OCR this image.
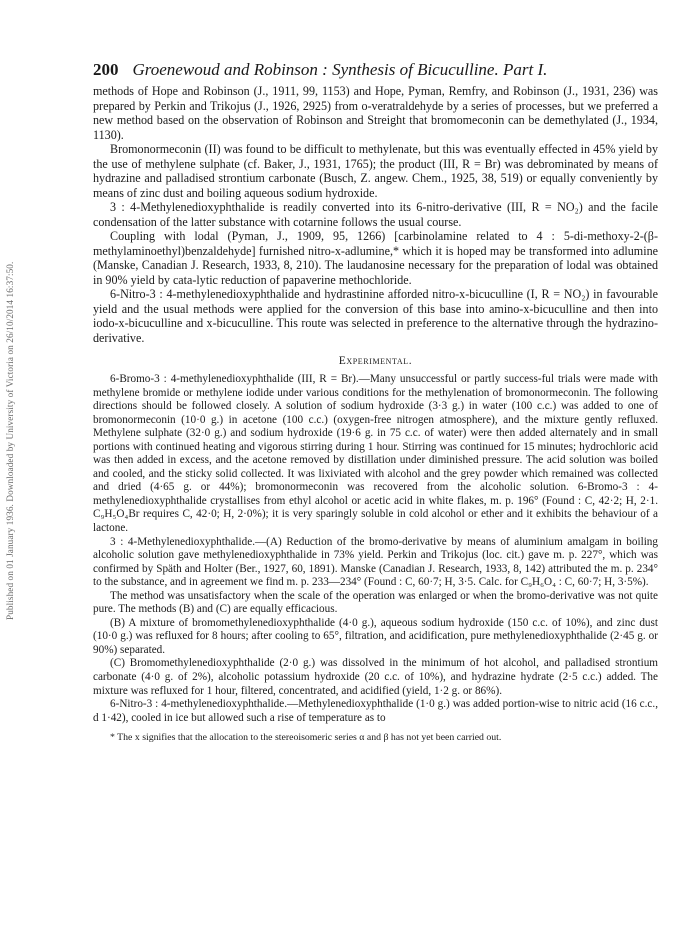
Published on 01 January 1936. Downloaded by University of Victoria on 26/10/2014 16:37:50.
200 Groenewoud and Robinson : Synthesis of Bicuculline. Part I.

methods of Hope and Robinson (J., 1911, 99, 1153) and Hope, Pyman, Remfry, and Robinson (J., 1931, 236) was prepared by Perkin and Trikojus (J., 1926, 2925) from o-veratraldehyde by a series of processes, but we preferred a new method based on the observation of Robinson and Streight that bromomeconin can be demethylated (J., 1934, 1130).

Bromonormeconin (II) was found to be difficult to methylenate, but this was eventually effected in 45% yield by the use of methylene sulphate (cf. Baker, J., 1931, 1765); the product (III, R = Br) was debrominated by means of hydrazine and palladised strontium carbonate (Busch, Z. angew. Chem., 1925, 38, 519) or equally conveniently by means of zinc dust and boiling aqueous sodium hydroxide.

3 : 4-Methylenedioxyphthalide is readily converted into its 6-nitro-derivative (III, R = NO₂) and the facile condensation of the latter substance with cotarnine follows the usual course.

Coupling with lodal (Pyman, J., 1909, 95, 1266) [carbinolamine related to 4 : 5-di-methoxy-2-(β-methylaminoethyl)benzaldehyde] furnished nitro-x-adlumine,* which it is hoped may be transformed into adlumine (Manske, Canadian J. Research, 1933, 8, 210). The laudanosine necessary for the preparation of lodal was obtained in 90% yield by cata-lytic reduction of papaverine methochloride.

6-Nitro-3 : 4-methylenedioxyphthalide and hydrastinine afforded nitro-x-bicuculline (I, R = NO₂) in favourable yield and the usual methods were applied for the conversion of this base into amino-x-bicuculline and then into iodo-x-bicuculline and x-bicuculline. This route was selected in preference to the alternative through the hydrazino-derivative.

Experimental.

6-Bromo-3 : 4-methylenedioxyphthalide (III, R = Br).—Many unsuccessful or partly success-ful trials were made with methylene bromide or methylene iodide under various conditions for the methylenation of bromonormeconin. The following directions should be followed closely. A solution of sodium hydroxide (3·3 g.) in water (100 c.c.) was added to one of bromonormeconin (10·0 g.) in acetone (100 c.c.) (oxygen-free nitrogen atmosphere), and the mixture gently refluxed. Methylene sulphate (32·0 g.) and sodium hydroxide (19·6 g. in 75 c.c. of water) were then added alternately and in small portions with continued heating and vigorous stirring during 1 hour. Stirring was continued for 15 minutes; hydrochloric acid was then added in excess, and the acetone removed by distillation under diminished pressure. The acid solution was boiled and cooled, and the sticky solid collected. It was lixiviated with alcohol and the grey powder which remained was collected and dried (4·65 g. or 44%); bromonormeconin was recovered from the alcoholic solution. 6-Bromo-3 : 4-methylenedioxyphthalide crystallises from ethyl alcohol or acetic acid in white flakes, m. p. 196° (Found : C, 42·2; H, 2·1. C₉H₅O₄Br requires C, 42·0; H, 2·0%); it is very sparingly soluble in cold alcohol or ether and it exhibits the behaviour of a lactone.

3 : 4-Methylenedioxyphthalide.—(A) Reduction of the bromo-derivative by means of aluminium amalgam in boiling alcoholic solution gave methylenedioxyphthalide in 73% yield. Perkin and Trikojus (loc. cit.) gave m. p. 227°, which was confirmed by Späth and Holter (Ber., 1927, 60, 1891). Manske (Canadian J. Research, 1933, 8, 142) attributed the m. p. 234° to the substance, and in agreement we find m. p. 233—234° (Found : C, 60·7; H, 3·5. Calc. for C₉H₆O₄ : C, 60·7; H, 3·5%).

The method was unsatisfactory when the scale of the operation was enlarged or when the bromo-derivative was not quite pure. The methods (B) and (C) are equally efficacious.

(B) A mixture of bromomethylenedioxyphthalide (4·0 g.), aqueous sodium hydroxide (150 c.c. of 10%), and zinc dust (10·0 g.) was refluxed for 8 hours; after cooling to 65°, filtration, and acidification, pure methylenedioxyphthalide (2·45 g. or 90%) separated.

(C) Bromomethylenedioxyphthalide (2·0 g.) was dissolved in the minimum of hot alcohol, and palladised strontium carbonate (4·0 g. of 2%), alcoholic potassium hydroxide (20 c.c. of 10%), and hydrazine hydrate (2·5 c.c.) added. The mixture was refluxed for 1 hour, filtered, concentrated, and acidified (yield, 1·2 g. or 86%).

6-Nitro-3 : 4-methylenedioxyphthalide.—Methylenedioxyphthalide (1·0 g.) was added portion-wise to nitric acid (16 c.c., d 1·42), cooled in ice but allowed such a rise of temperature as to

* The x signifies that the allocation to the stereoisomeric series α and β has not yet been carried out.
